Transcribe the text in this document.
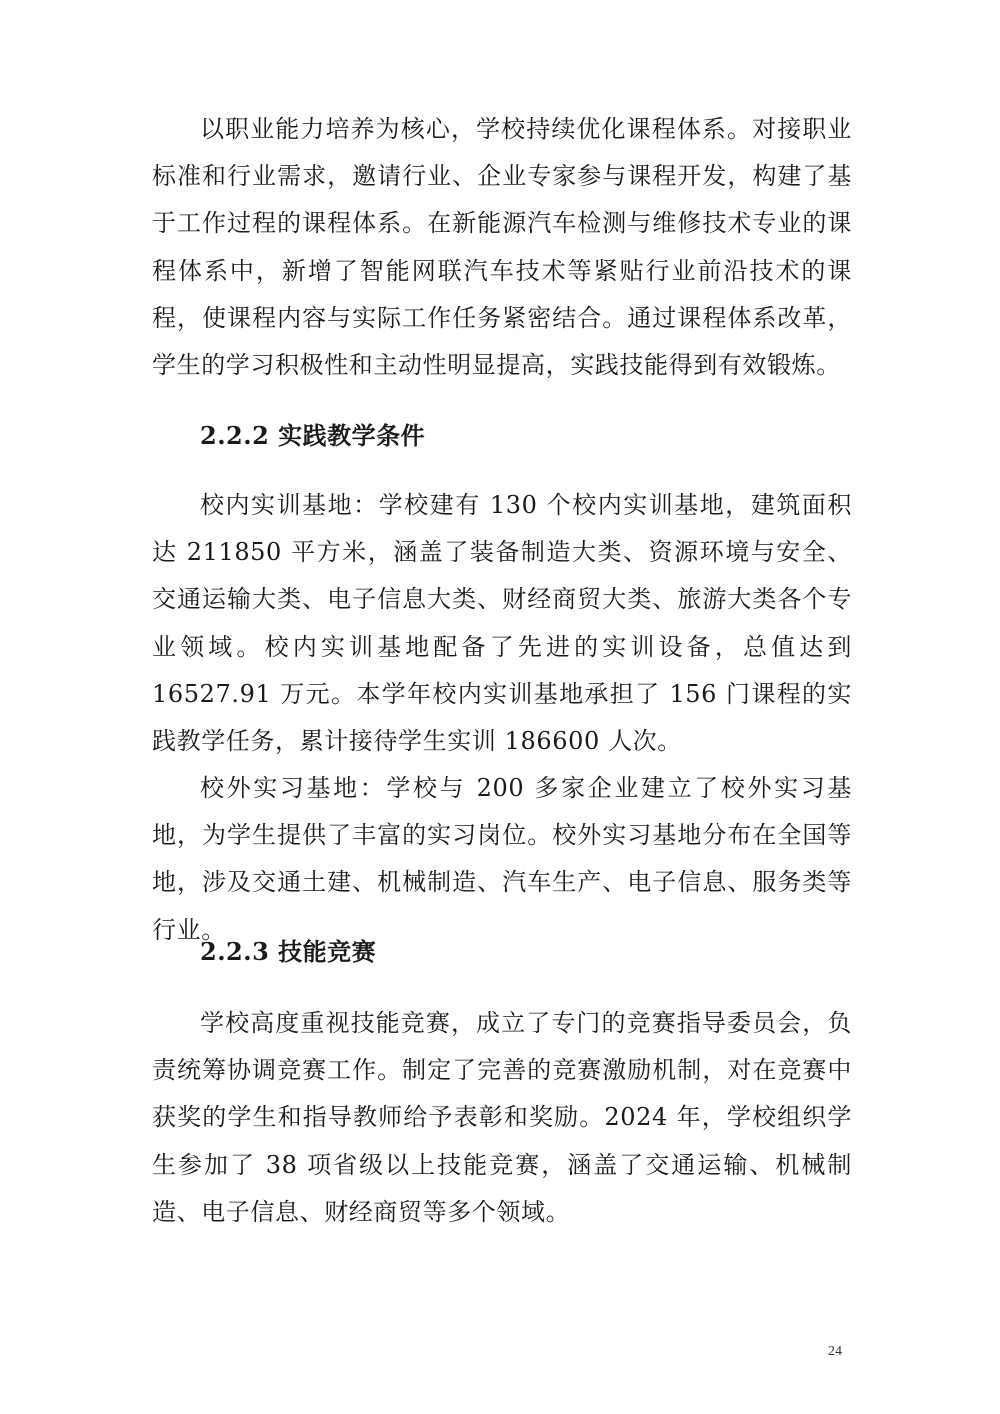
以职业能力培养为核心，学校持续优化课程体系。对接职业标准和行业需求，邀请行业、企业专家参与课程开发，构建了基于工作过程的课程体系。在新能源汽车检测与维修技术专业的课程体系中，新增了智能网联汽车技术等紧贴行业前沿技术的课程，使课程内容与实际工作任务紧密结合。通过课程体系改革，学生的学习积极性和主动性明显提高，实践技能得到有效锻炼。

2.2.2 实践教学条件

校内实训基地：学校建有 130 个校内实训基地，建筑面积达 211850 平方米，涵盖了装备制造大类、资源环境与安全、交通运输大类、电子信息大类、财经商贸大类、旅游大类各个专业领域。校内实训基地配备了先进的实训设备，总值达到 16527.91 万元。本学年校内实训基地承担了 156 门课程的实践教学任务，累计接待学生实训 186600 人次。

校外实习基地：学校与 200 多家企业建立了校外实习基地，为学生提供了丰富的实习岗位。校外实习基地分布在全国等地，涉及交通土建、机械制造、汽车生产、电子信息、服务类等行业。

2.2.3 技能竞赛

学校高度重视技能竞赛，成立了专门的竞赛指导委员会，负责统筹协调竞赛工作。制定了完善的竞赛激励机制，对在竞赛中获奖的学生和指导教师给予表彰和奖励。2024 年，学校组织学生参加了 38 项省级以上技能竞赛，涵盖了交通运输、机械制造、电子信息、财经商贸等多个领域。

24
